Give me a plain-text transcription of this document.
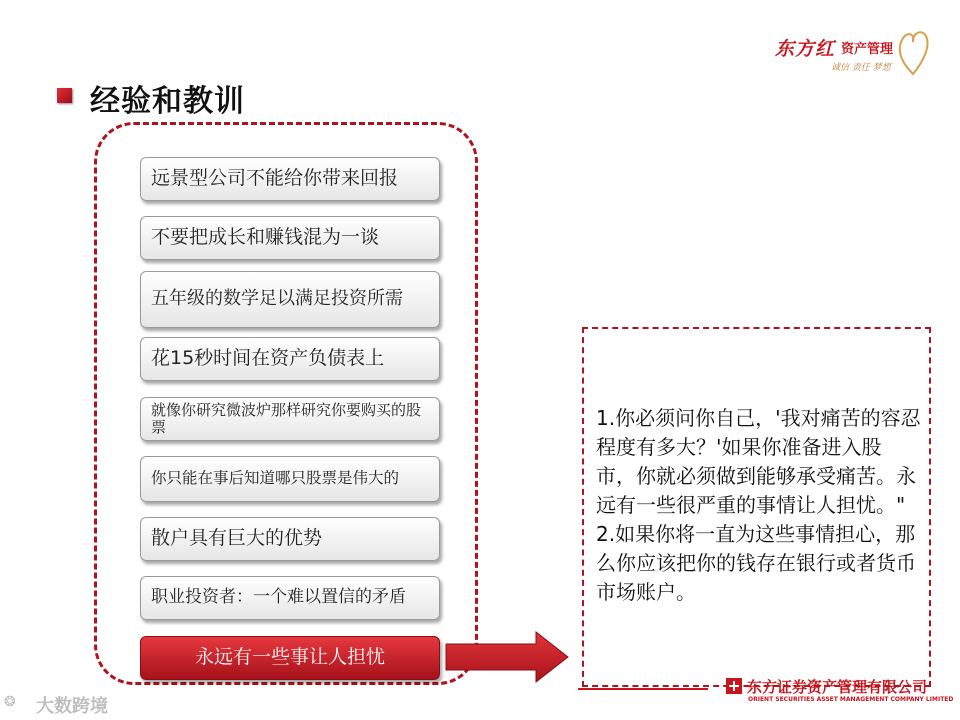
东方红 资产管理
诚信 责任 梦想
经验和教训
远景型公司不能给你带来回报
不要把成长和赚钱混为一谈
五年级的数学足以满足投资所需
花15秒时间在资产负债表上
就像你研究微波炉那样研究你要购买的股票
你只能在事后知道哪只股票是伟大的
散户具有巨大的优势
职业投资者：一个难以置信的矛盾
永远有一些事让人担忧
1.你必须问你自己，'我对痛苦的容忍程度有多大？'如果你准备进入股市，你就必须做到能够承受痛苦。永远有一些很严重的事情让人担忧。"
2.如果你将一直为这些事情担心，那么你应该把你的钱存在银行或者货币市场账户。
东方证券资产管理有限公司
ORIENT SECURITIES ASSET MANAGEMENT COMPANY LIMITED
❂ 大数跨境
